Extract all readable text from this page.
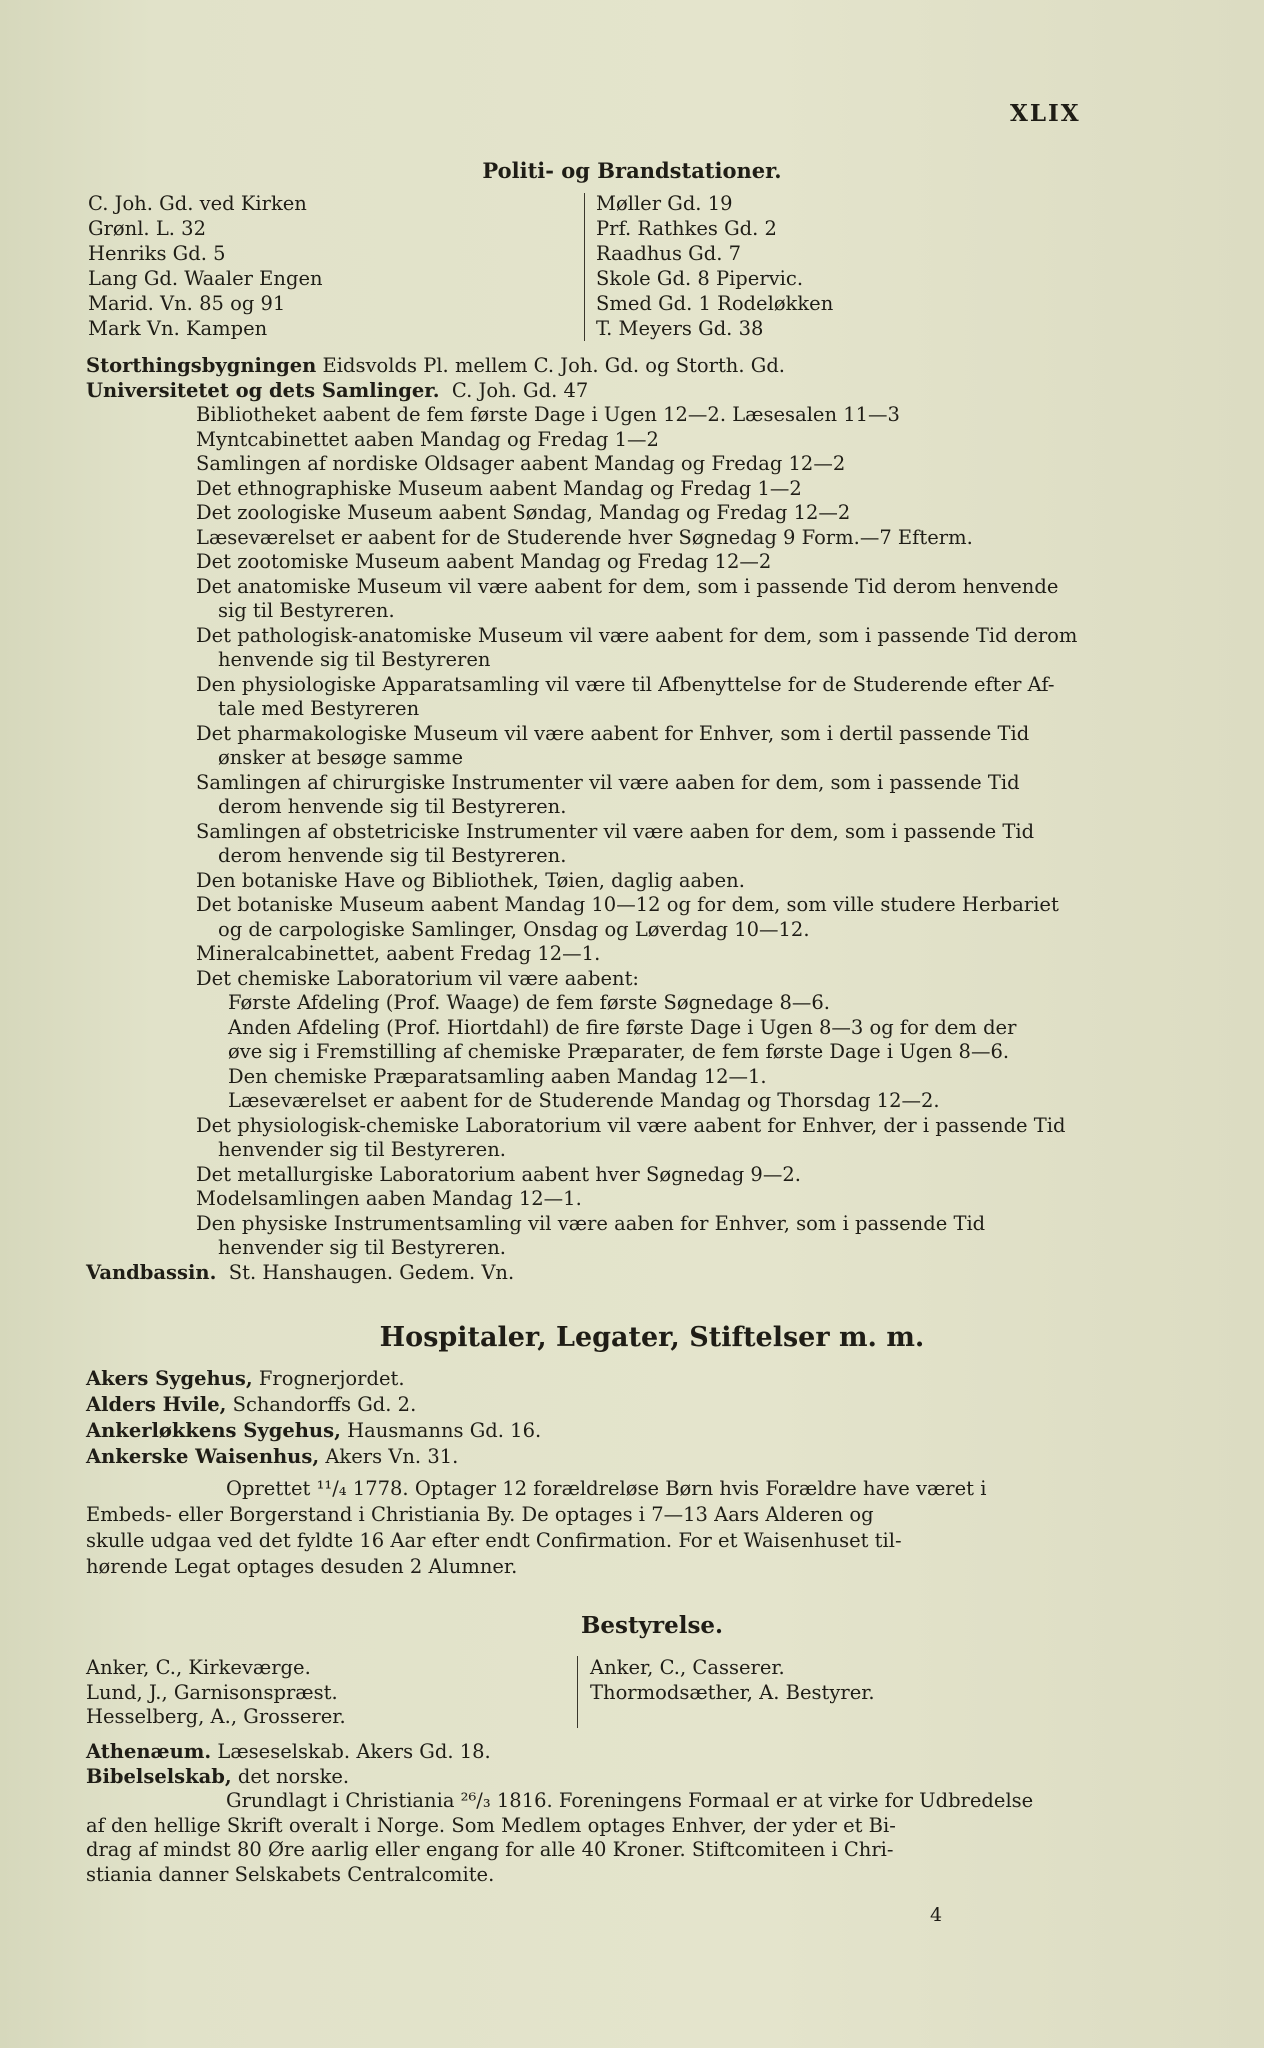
XLIX
Politi- og Brandstationer.
C. Joh. Gd. ved Kirken
Grønl. L. 32
Henriks Gd. 5
Lang Gd. Waaler Engen
Marid. Vn. 85 og 91
Mark Vn. Kampen
Møller Gd. 19
Prf. Rathkes Gd. 2
Raadhus Gd. 7
Skole Gd. 8 Pipervic.
Smed Gd. 1 Rodeløkken
T. Meyers Gd. 38
Storthingsbygningen Eidsvolds Pl. mellem C. Joh. Gd. og Storth. Gd.
Universitetet og dets Samlinger. C. Joh. Gd. 47
Bibliotheket aabent de fem første Dage i Ugen 12—2. Læsesalen 11—3
Myntcabinettet aaben Mandag og Fredag 1—2
Samlingen af nordiske Oldsager aabent Mandag og Fredag 12—2
Det ethnographiske Museum aabent Mandag og Fredag 1—2
Det zoologiske Museum aabent Søndag, Mandag og Fredag 12—2
Læseværelset er aabent for de Studerende hver Søgnedag 9 Form.—7 Efterm.
Det zootomiske Museum aabent Mandag og Fredag 12—2
Det anatomiske Museum vil være aabent for dem, som i passende Tid derom henvende
sig til Bestyreren.
Det pathologisk-anatomiske Museum vil være aabent for dem, som i passende Tid derom
henvende sig til Bestyreren
Den physiologiske Apparatsamling vil være til Afbenyttelse for de Studerende efter Af-
tale med Bestyreren
Det pharmakologiske Museum vil være aabent for Enhver, som i dertil passende Tid
ønsker at besøge samme
Samlingen af chirurgiske Instrumenter vil være aaben for dem, som i passende Tid
derom henvende sig til Bestyreren.
Samlingen af obstetriciske Instrumenter vil være aaben for dem, som i passende Tid
derom henvende sig til Bestyreren.
Den botaniske Have og Bibliothek, Tøien, daglig aaben.
Det botaniske Museum aabent Mandag 10—12 og for dem, som ville studere Herbariet
og de carpologiske Samlinger, Onsdag og Løverdag 10—12.
Mineralcabinettet, aabent Fredag 12—1.
Det chemiske Laboratorium vil være aabent:
Første Afdeling (Prof. Waage) de fem første Søgnedage 8—6.
Anden Afdeling (Prof. Hiortdahl) de fire første Dage i Ugen 8—3 og for dem der
øve sig i Fremstilling af chemiske Præparater, de fem første Dage i Ugen 8—6.
Den chemiske Præparatsamling aaben Mandag 12—1.
Læseværelset er aabent for de Studerende Mandag og Thorsdag 12—2.
Det physiologisk-chemiske Laboratorium vil være aabent for Enhver, der i passende Tid
henvender sig til Bestyreren.
Det metallurgiske Laboratorium aabent hver Søgnedag 9—2.
Modelsamlingen aaben Mandag 12—1.
Den physiske Instrumentsamling vil være aaben for Enhver, som i passende Tid
henvender sig til Bestyreren.
Vandbassin. St. Hanshaugen. Gedem. Vn.
Hospitaler, Legater, Stiftelser m. m.
Akers Sygehus, Frognerjordet.
Alders Hvile, Schandorffs Gd. 2.
Ankerløkkens Sygehus, Hausmanns Gd. 16.
Ankerske Waisenhus, Akers Vn. 31.
Oprettet ¹¹/₄ 1778. Optager 12 forældreløse Børn hvis Forældre have været i
Embeds- eller Borgerstand i Christiania By. De optages i 7—13 Aars Alderen og
skulle udgaa ved det fyldte 16 Aar efter endt Confirmation. For et Waisenhuset til-
hørende Legat optages desuden 2 Alumner.
Bestyrelse.
Anker, C., Kirkeværge.
Lund, J., Garnisonspræst.
Hesselberg, A., Grosserer.
Anker, C., Casserer.
Thormodsæther, A. Bestyrer.
Athenæum. Læseselskab. Akers Gd. 18.
Bibelselskab, det norske.
Grundlagt i Christiania ²⁶/₃ 1816. Foreningens Formaal er at virke for Udbredelse
af den hellige Skrift overalt i Norge. Som Medlem optages Enhver, der yder et Bi-
drag af mindst 80 Øre aarlig eller engang for alle 40 Kroner. Stiftcomiteen i Chri-
stiania danner Selskabets Centralcomite.
4
